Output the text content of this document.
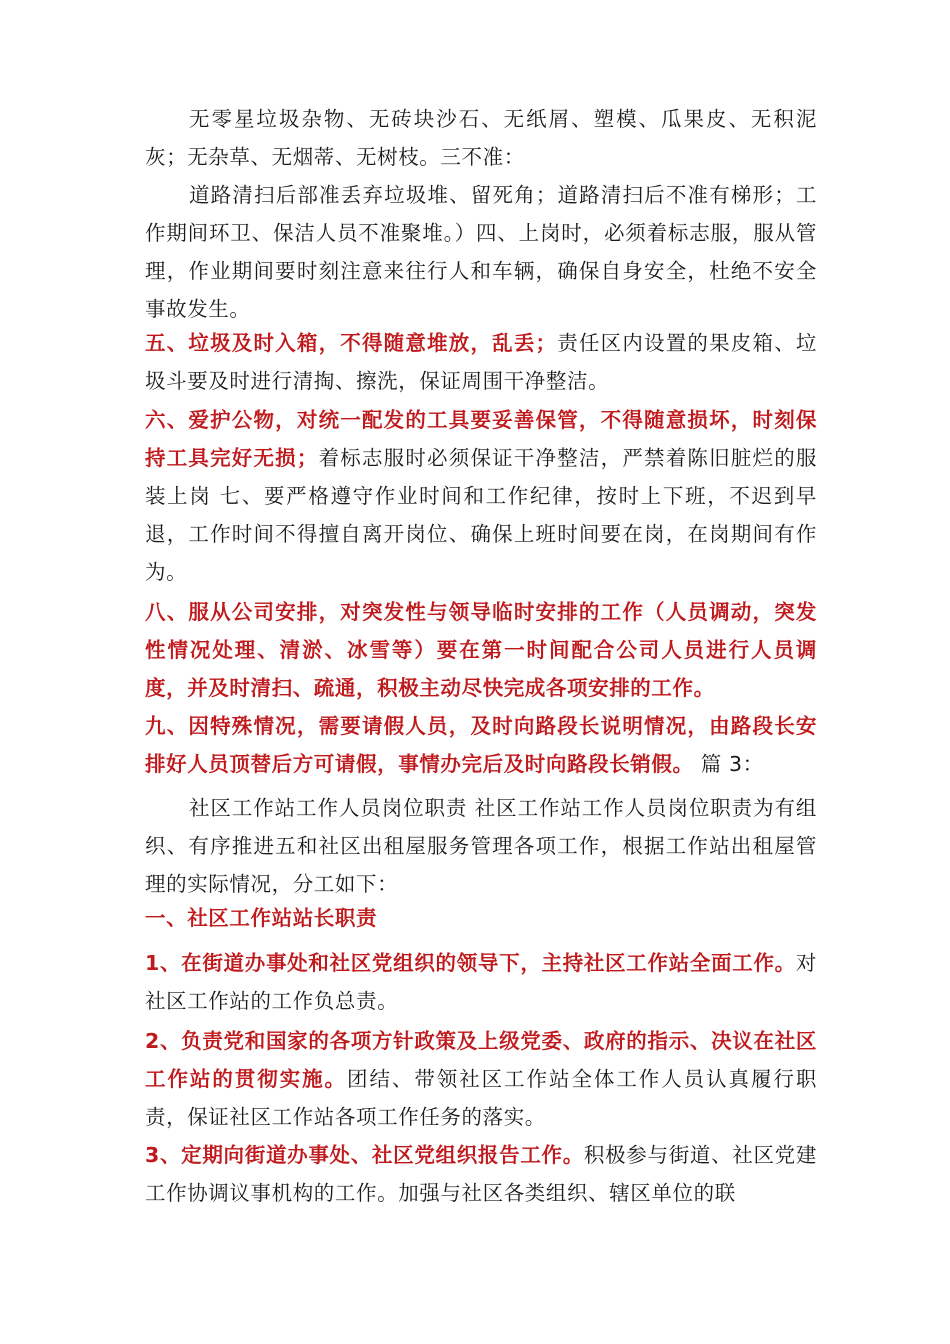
无零星垃圾杂物、无砖块沙石、无纸屑、塑模、瓜果皮、无积泥灰；无杂草、无烟蒂、无树枝。三不准：

道路清扫后部准丢弃垃圾堆、留死角；道路清扫后不准有梯形；工作期间环卫、保洁人员不准聚堆。）四、上岗时，必须着标志服，服从管理，作业期间要时刻注意来往行人和车辆，确保自身安全，杜绝不安全事故发生。

五、垃圾及时入箱，不得随意堆放，乱丢；责任区内设置的果皮箱、垃圾斗要及时进行清掏、擦洗，保证周围干净整洁。

六、爱护公物，对统一配发的工具要妥善保管，不得随意损坏，时刻保持工具完好无损；着标志服时必须保证干净整洁，严禁着陈旧脏烂的服装上岗 七、要严格遵守作业时间和工作纪律，按时上下班，不迟到早退，工作时间不得擅自离开岗位、确保上班时间要在岗，在岗期间有作为。

八、服从公司安排，对突发性与领导临时安排的工作（人员调动，突发性情况处理、清淤、冰雪等）要在第一时间配合公司人员进行人员调度，并及时清扫、疏通，积极主动尽快完成各项安排的工作。

九、因特殊情况，需要请假人员，及时向路段长说明情况，由路段长安排好人员顶替后方可请假，事情办完后及时向路段长销假。 篇 3：

社区工作站工作人员岗位职责 社区工作站工作人员岗位职责为有组织、有序推进五和社区出租屋服务管理各项工作，根据工作站出租屋管理的实际情况，分工如下：

一、社区工作站站长职责

1、在街道办事处和社区党组织的领导下，主持社区工作站全面工作。对社区工作站的工作负总责。

2、负责党和国家的各项方针政策及上级党委、政府的指示、决议在社区工作站的贯彻实施。团结、带领社区工作站全体工作人员认真履行职责，保证社区工作站各项工作任务的落实。

3、定期向街道办事处、社区党组织报告工作。积极参与街道、社区党建工作协调议事机构的工作。加强与社区各类组织、辖区单位的联
